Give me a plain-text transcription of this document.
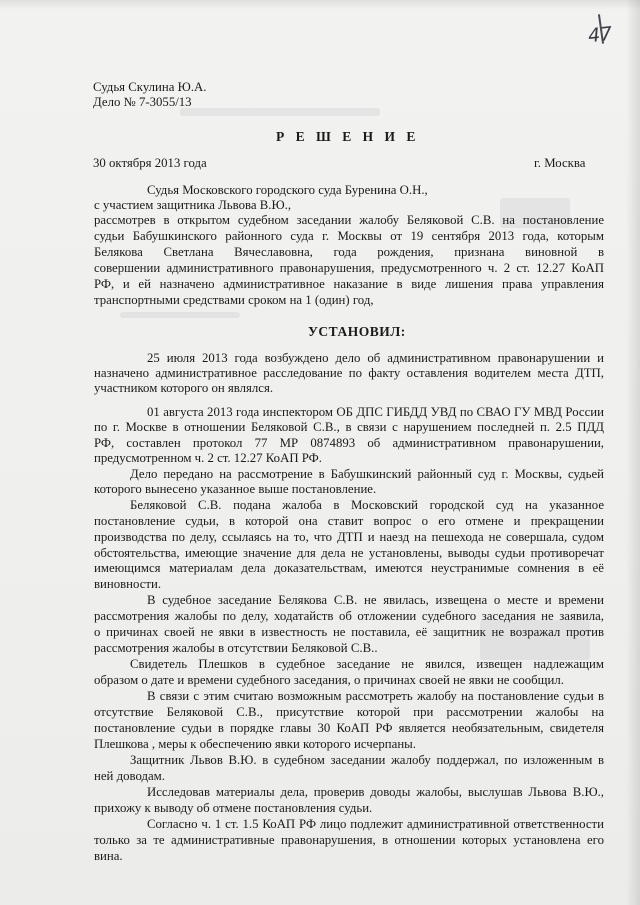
47
Судья Скулина Ю.А.
Дело № 7-3055/13
Р Е Ш Е Н И Е
30 октября 2013 года	г. Москва
Судья Московского городского суда Буренина О.Н.,
с участием защитника Львова В.Ю.,
рассмотрев в открытом судебном заседании жалобу Беляковой С.В. на постановление
судьи Бабушкинского районного суда г. Москвы от 19 сентября 2013 года, которым
Белякова Светлана Вячеславовна, года рождения, признана виновной в
совершении административного правонарушения, предусмотренного ч. 2 ст. 12.27 КоАП
РФ, и ей назначено административное наказание в виде лишения права управления
транспортными средствами сроком на 1 (один) год,
УСТАНОВИЛ:
25 июля 2013 года возбуждено дело об административном правонарушении и
назначено административное расследование по факту оставления водителем места ДТП,
участником которого он являлся.
01 августа 2013 года инспектором ОБ ДПС ГИБДД УВД по СВАО ГУ МВД России
по г. Москве в отношении Беляковой С.В., в связи с нарушением последней п. 2.5 ПДД
РФ, составлен протокол 77 МР 0874893 об административном правонарушении,
предусмотренном ч. 2 ст. 12.27 КоАП РФ.
Дело передано на рассмотрение в Бабушкинский районный суд г. Москвы, судьей
которого вынесено указанное выше постановление.
Беляковой С.В. подана жалоба в Московский городской суд на указанное
постановление судьи, в которой она ставит вопрос о его отмене и прекращении
производства по делу, ссылаясь на то, что ДТП и наезд на пешехода не совершала, судом
обстоятельства, имеющие значение для дела не установлены, выводы судьи противоречат
имеющимся материалам дела доказательствам, имеются неустранимые сомнения в её
виновности.
В судебное заседание Белякова С.В. не явилась, извещена о месте и времени
рассмотрения жалобы по делу, ходатайств об отложении судебного заседания не заявила,
о причинах своей не явки в известность не поставила, её защитник не возражал против
рассмотрения жалобы в отсутствии Беляковой С.В..
Свидетель Плешков в судебное заседание не явился, извещен надлежащим
образом о дате и времени судебного заседания, о причинах своей не явки не сообщил.
В связи с этим считаю возможным рассмотреть жалобу на постановление судьи в
отсутствие Беляковой С.В., присутствие которой при рассмотрении жалобы на
постановление судьи в порядке главы 30 КоАП РФ является необязательным, свидетеля
Плешкова , меры к обеспечению явки которого исчерпаны.
Защитник Львов В.Ю. в судебном заседании жалобу поддержал, по изложенным в
ней доводам.
Исследовав материалы дела, проверив доводы жалобы, выслушав Львова В.Ю.,
прихожу к выводу об отмене постановления судьи.
Согласно ч. 1 ст. 1.5 КоАП РФ лицо подлежит административной ответственности
только за те административные правонарушения, в отношении которых установлена его
вина.
